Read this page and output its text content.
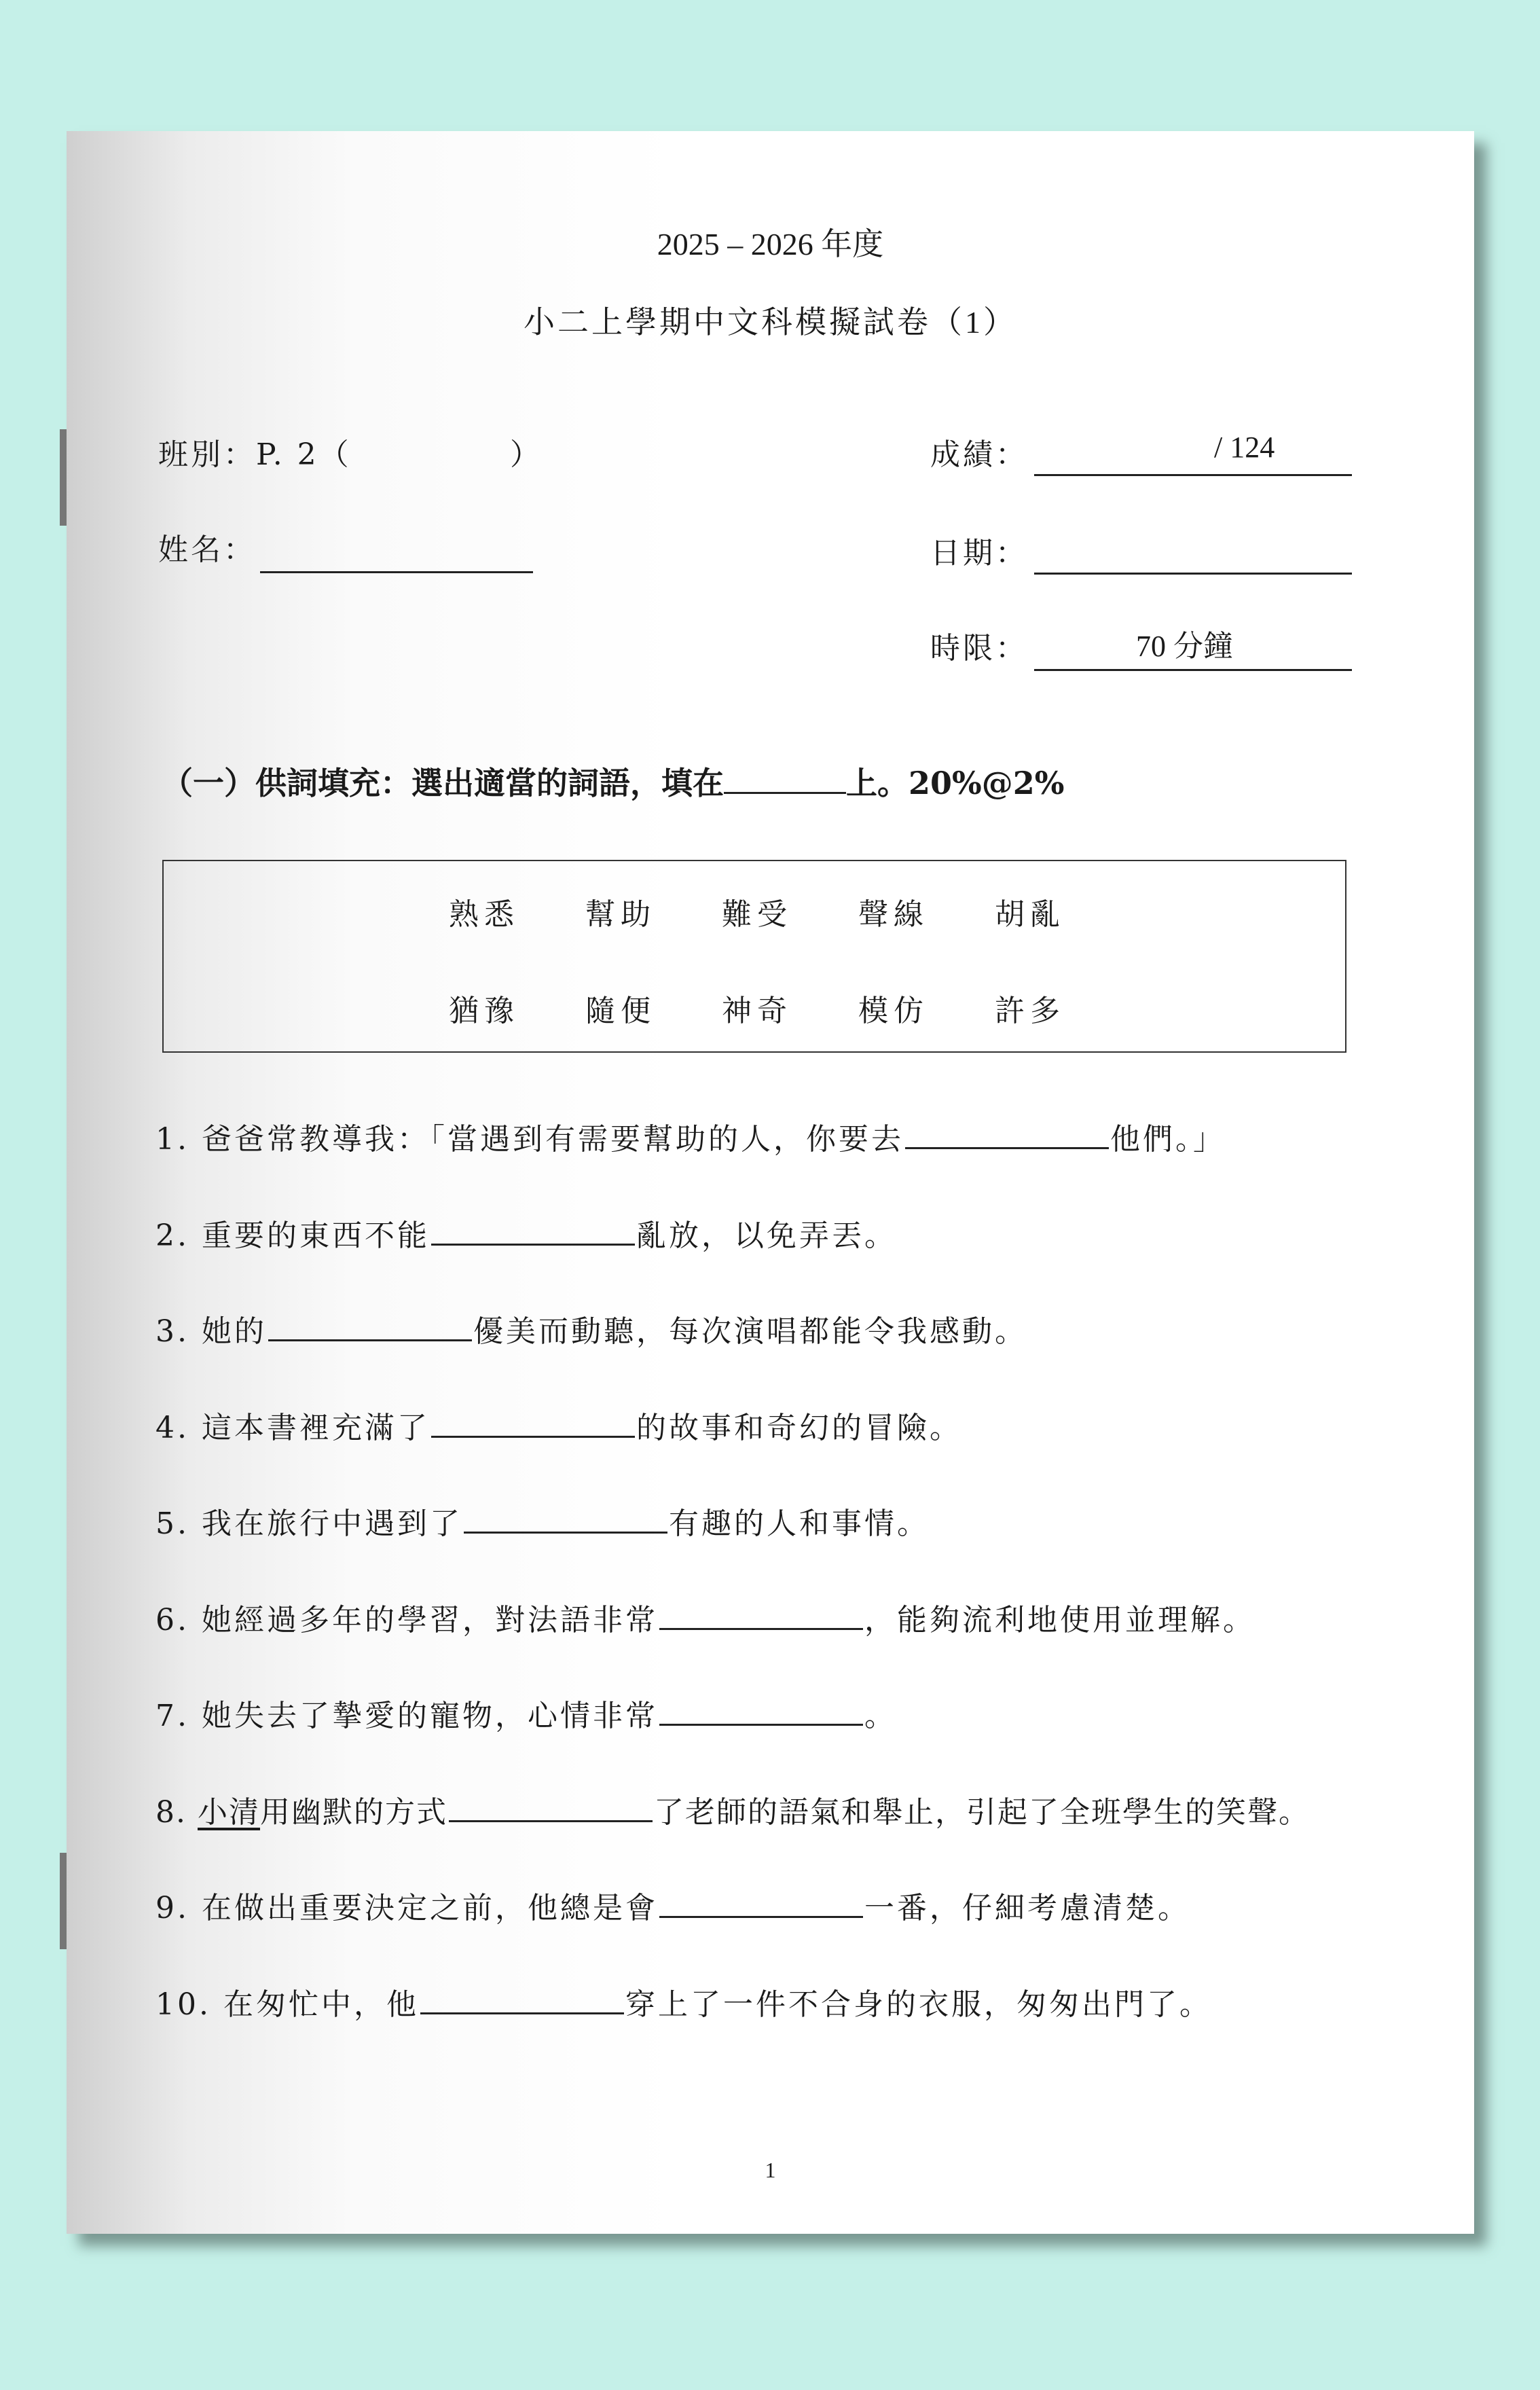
2025 – 2026 年度
小二上學期中文科模擬試卷（1）
班別：P. 2（	）	成績：	/ 124
姓名：	日期：
時限：	70 分鐘
（一）供詞填充：選出適當的詞語，填在	上。20%@2%
熟悉 幫助 難受 聲線 胡亂
猶豫 隨便 神奇 模仿 許多
1. 爸爸常教導我：「當遇到有需要幫助的人，你要去	他們。」
2. 重要的東西不能	亂放，以免弄丟。
3. 她的	優美而動聽，每次演唱都能令我感動。
4. 這本書裡充滿了	的故事和奇幻的冒險。
5. 我在旅行中遇到了	有趣的人和事情。
6. 她經過多年的學習，對法語非常	，能夠流利地使用並理解。
7. 她失去了摯愛的寵物，心情非常	。
8. 小清用幽默的方式	了老師的語氣和舉止，引起了全班學生的笑聲。
9. 在做出重要決定之前，他總是會	一番，仔細考慮清楚。
10. 在匆忙中，他	穿上了一件不合身的衣服，匆匆出門了。
1
